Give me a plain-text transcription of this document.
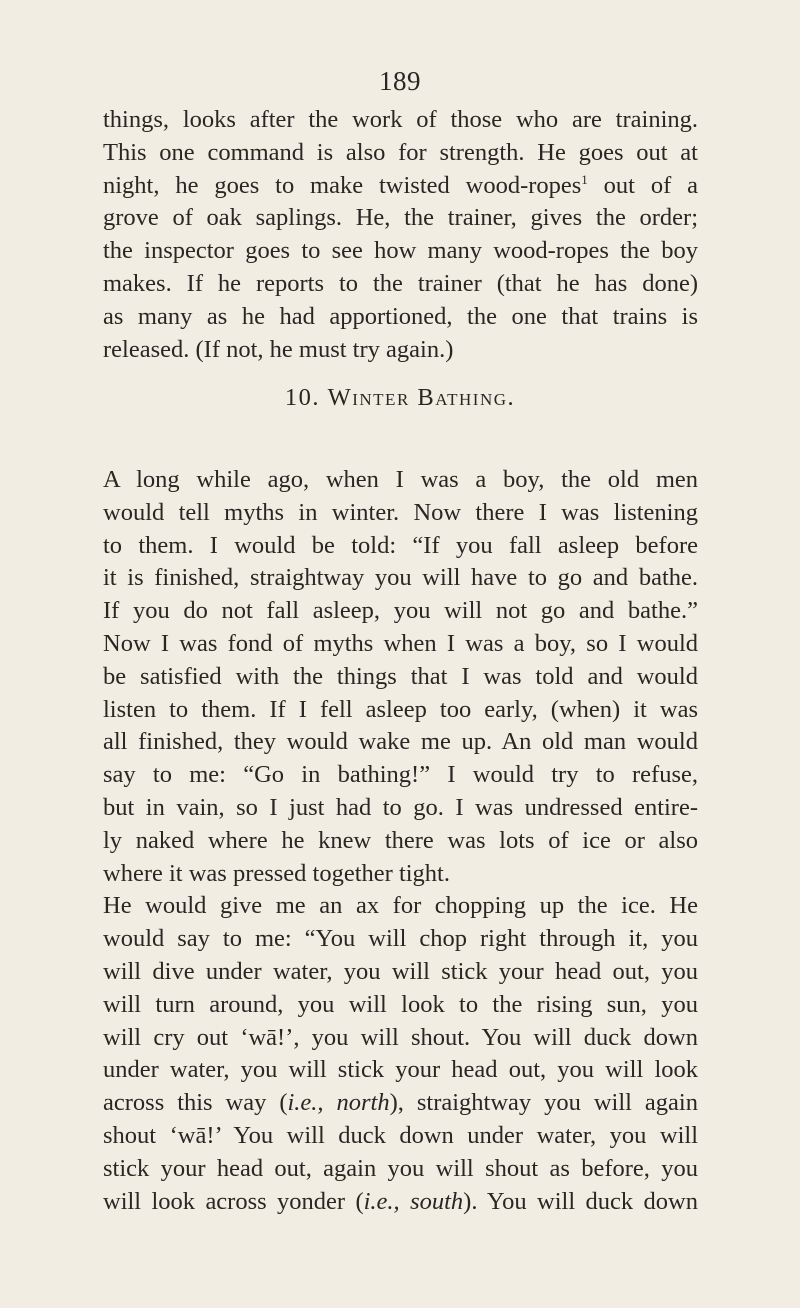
189
things, looks after the work of those who are training.
This one command is also for strength. He goes out at
night, he goes to make twisted wood-ropes$^1$ out of a
grove of oak saplings. He, the trainer, gives the order;
the inspector goes to see how many wood-ropes the boy
makes. If he reports to the trainer (that he has done)
as many as he had apportioned, the one that trains is
released. (If not, he must try again.)
10. Winter Bathing.
A long while ago, when I was a boy, the old men
would tell myths in winter. Now there I was listening
to them. I would be told: “If you fall asleep before
it is finished, straightway you will have to go and bathe.
If you do not fall asleep, you will not go and bathe.”
Now I was fond of myths when I was a boy, so I would
be satisfied with the things that I was told and would
listen to them. If I fell asleep too early, (when) it was
all finished, they would wake me up. An old man would
say to me: “Go in bathing!” I would try to refuse,
but in vain, so I just had to go. I was undressed entire-
ly naked where he knew there was lots of ice or also
where it was pressed together tight.
He would give me an ax for chopping up the ice. He
would say to me: “You will chop right through it, you
will dive under water, you will stick your head out, you
will turn around, you will look to the rising sun, you
will cry out ‘wā!’, you will shout. You will duck down
under water, you will stick your head out, you will look
across this way (i.e., north), straightway you will again
shout ‘wā!’ You will duck down under water, you will
stick your head out, again you will shout as before, you
will look across yonder (i.e., south). You will duck down
